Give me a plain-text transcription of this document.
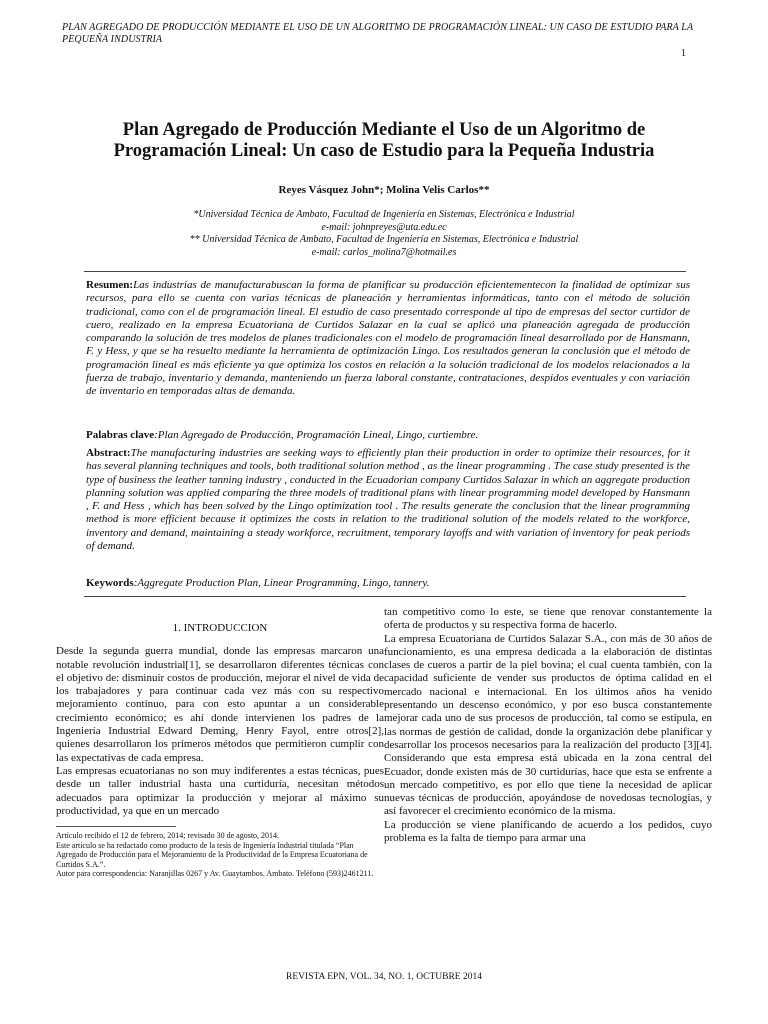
PLAN AGREGADO DE PRODUCCIÓN MEDIANTE EL USO DE UN ALGORITMO DE PROGRAMACIÓN LINEAL: UN CASO DE ESTUDIO PARA LA PEQUEÑA INDUSTRIA
1
Plan Agregado de Producción Mediante el Uso de un Algoritmo de Programación Lineal: Un caso de Estudio para la Pequeña Industria
Reyes Vásquez John*; Molina Velis Carlos**
*Universidad Técnica de Ambato, Facultad de Ingeniería en Sistemas, Electrónica e Industrial
e-mail: johnpreyes@uta.edu.ec
** Universidad Técnica de Ambato, Facultad de Ingeniería en Sistemas, Electrónica e Industrial
e-mail: carlos_molina7@hotmail.es
Resumen:Las industrias de manufacturabuscan la forma de planificar su producción eficientementecon la finalidad de optimizar sus recursos, para ello se cuenta con varias técnicas de planeación y herramientas informáticas, tanto con el método de solución tradicional, como con el de programación lineal. El estudio de caso presentado corresponde al tipo de empresas del sector curtidor de cuero, realizado en la empresa Ecuatoriana de Curtidos Salazar en la cual se aplicó una planeación agregada de producción comparando la solución de tres modelos de planes tradicionales con el modelo de programación lineal desarrollado por de Hansmann, F. y Hess, y que se ha resuelto mediante la herramienta de optimización Lingo. Los resultados generan la conclusión que el método de programación lineal es más eficiente ya que optimiza los costos en relación a la solución tradicional de los modelos relacionados a la fuerza de trabajo, inventario y demanda, manteniendo un fuerza laboral constante, contrataciones, despidos eventuales y con variación de inventario en temporadas altas de demanda.
Palabras clave:Plan Agregado de Producción, Programación Lineal, Lingo, curtiembre.
Abstract:The manufacturing industries are seeking ways to efficiently plan their production in order to optimize their resources, for it has several planning techniques and tools, both traditional solution method , as the linear programming . The case study presented is the type of business the leather tanning industry , conducted in the Ecuadorian company Curtidos Salazar in which an aggregate production planning solution was applied comparing the three models of traditional plans with linear programming model developed by Hansmann , F. and Hess , which has been solved by the Lingo optimization tool . The results generate the conclusion that the linear programming method is more efficient because it optimizes the costs in relation to the traditional solution of the models related to the workforce, inventory and demand, maintaining a steady workforce, recruitment, temporary layoffs and with variation of inventory for peak periods of demand.
Keywords:Aggregate Production Plan, Linear Programming, Lingo, tannery.
1. INTRODUCCION

Desde la segunda guerra mundial, donde las empresas marcaron una notable revolución industrial[1], se desarrollaron diferentes técnicas con el objetivo de: disminuir costos de producción, mejorar el nivel de vida de los trabajadores y para continuar cada vez más con su respectivo mejoramiento continuo, para con esto apuntar a un considerable crecimiento económico; es ahí donde intervienen los padres de la Ingeniería Industrial Edward Deming, Henry Fayol, entre otros[2], quienes desarrollaron los primeros métodos que permitieron cumplir con las expectativas de cada empresa.

Las empresas ecuatorianas no son muy indiferentes a estas técnicas, pues desde un taller industrial hasta una curtiduría, necesitan métodos adecuados para optimizar la producción y mejorar al máximo su productividad, ya que en un mercado

Artículo recibido el 12 de febrero, 2014; revisado 30 de agosto, 2014.
Este artículo se ha redactado como producto de la tesis de Ingeniería Industrial titulada “Plan Agregado de Producción para el Mejoramiento de la Productividad de la Empresa Ecuatoriana de Curtidos S.A.”.
Autor para correspondencia: Naranjillas 0267 y Av. Guaytambos. Ambato. Teléfono (593)2461211.

tan competitivo como lo este, se tiene que renovar constantemente la oferta de productos y su respectiva forma de hacerlo.

La empresa Ecuatoriana de Curtidos Salazar S.A., con más de 30 años de funcionamiento, es una empresa dedicada a la elaboración de distintas clases de cueros a partir de la piel bovina; el cual cuenta también, con la capacidad suficiente de vender sus productos de óptima calidad en el mercado nacional e internacional. En los últimos años ha venido presentando un descenso económico, y por eso busca constantemente mejorar cada uno de sus procesos de producción, tal como se estipula, en las normas de gestión de calidad, donde la organización debe planificar y desarrollar los procesos necesarios para la realización del producto [3][4]. Considerando que esta empresa está ubicada en la zona central del Ecuador, donde existen más de 30 curtidurías, hace que esta se enfrente a un mercado competitivo, es por ello que tiene la necesidad de aplicar nuevas técnicas de producción, apoyándose de novedosas tecnologías, y así favorecer el crecimiento económico de la misma.

La producción se viene planificando de acuerdo a los pedidos, cuyo problema es la falta de tiempo para armar una

REVISTA EPN, VOL. 34, NO. 1, OCTUBRE 2014
